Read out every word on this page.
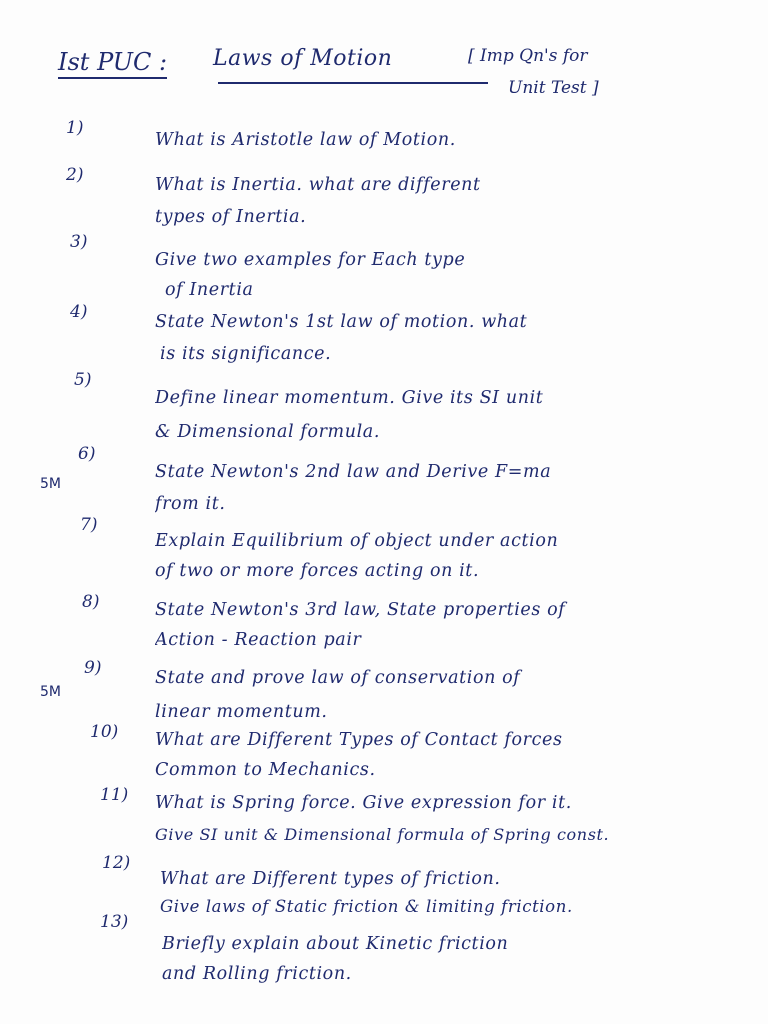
Ist PUC : Laws of Motion	[ Imp Qn's for
Unit Test ]
1)
What is Aristotle law of Motion.
2)	What is Inertia. what are different
types of Inertia.
3)
Give two examples for Each type
of Inertia
4)	State Newton's 1st law of motion. what
is its significance.
5)
Define linear momentum. Give its SI unit
& Dimensional formula.
6)
5M
State Newton's 2nd law and Derive F=ma
from it.
7)
Explain Equilibrium of object under action
of two or more forces acting on it.
8)	State Newton's 3rd law, State properties of
Action - Reaction pair
9)
5M
State and prove law of conservation of
linear momentum.
10) What are Different Types of Contact forces
Common to Mechanics.
11) What is Spring force. Give expression for it.
Give SI unit & Dimensional formula of Spring const.
12)
What are Different types of friction.
Give laws of Static friction & limiting friction.
13)
Briefly explain about Kinetic friction
and Rolling friction.
